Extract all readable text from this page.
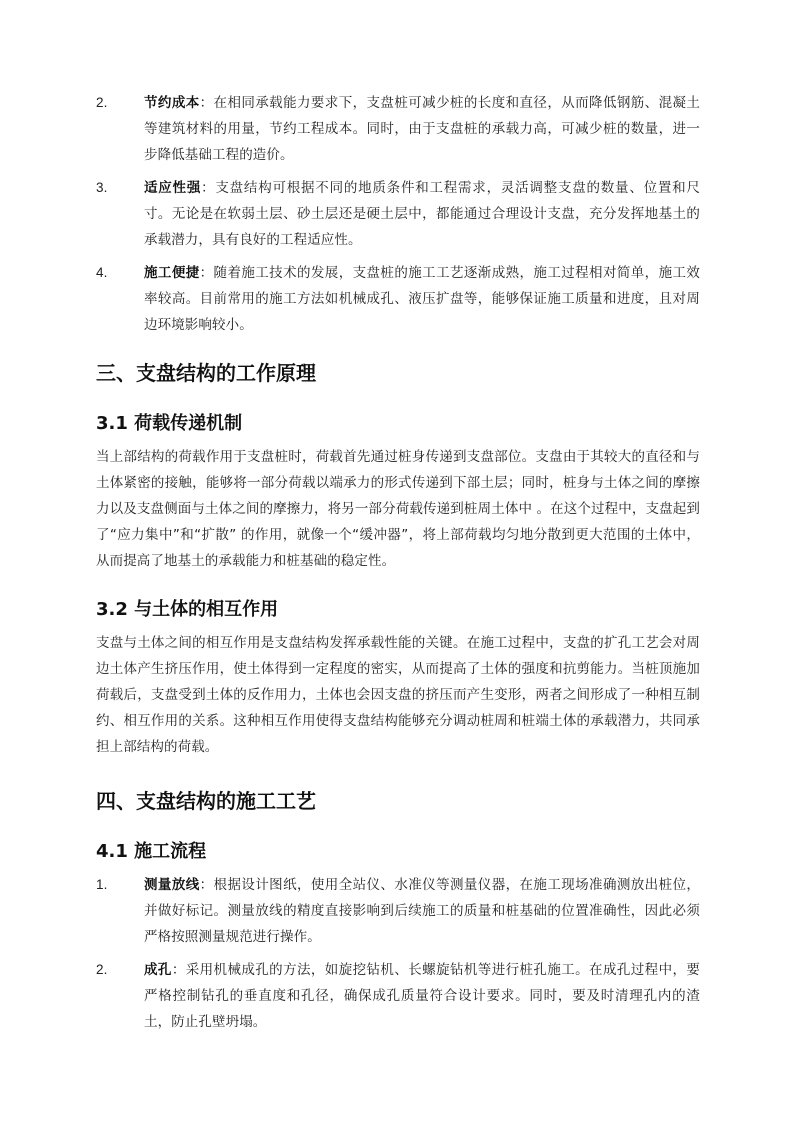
2.	节约成本：在相同承载能力要求下，支盘桩可减少桩的长度和直径，从而降低钢筋、混凝土等建筑材料的用量，节约工程成本。同时，由于支盘桩的承载力高，可减少桩的数量，进一步降低基础工程的造价。
3.	适应性强：支盘结构可根据不同的地质条件和工程需求，灵活调整支盘的数量、位置和尺寸。无论是在软弱土层、砂土层还是硬土层中，都能通过合理设计支盘，充分发挥地基土的承载潜力，具有良好的工程适应性。
4.	施工便捷：随着施工技术的发展，支盘桩的施工工艺逐渐成熟，施工过程相对简单，施工效率较高。目前常用的施工方法如机械成孔、液压扩盘等，能够保证施工质量和进度，且对周边环境影响较小。
三、支盘结构的工作原理
3.1 荷载传递机制

当上部结构的荷载作用于支盘桩时，荷载首先通过桩身传递到支盘部位。支盘由于其较大的直径和与土体紧密的接触，能够将一部分荷载以端承力的形式传递到下部土层；同时，桩身与土体之间的摩擦力以及支盘侧面与土体之间的摩擦力，将另一部分荷载传递到桩周土体中 。在这个过程中，支盘起到了“应力集中”和“扩散” 的作用，就像一个“缓冲器”，将上部荷载均匀地分散到更大范围的土体中，从而提高了地基土的承载能力和桩基础的稳定性。

3.2 与土体的相互作用

支盘与土体之间的相互作用是支盘结构发挥承载性能的关键。在施工过程中，支盘的扩孔工艺会对周边土体产生挤压作用，使土体得到一定程度的密实，从而提高了土体的强度和抗剪能力。当桩顶施加荷载后，支盘受到土体的反作用力，土体也会因支盘的挤压而产生变形，两者之间形成了一种相互制约、相互作用的关系。这种相互作用使得支盘结构能够充分调动桩周和桩端土体的承载潜力，共同承担上部结构的荷载。

四、支盘结构的施工工艺
4.1 施工流程
1.	测量放线：根据设计图纸，使用全站仪、水准仪等测量仪器，在施工现场准确测放出桩位，并做好标记。测量放线的精度直接影响到后续施工的质量和桩基础的位置准确性，因此必须严格按照测量规范进行操作。
2.	成孔：采用机械成孔的方法，如旋挖钻机、长螺旋钻机等进行桩孔施工。在成孔过程中，要严格控制钻孔的垂直度和孔径，确保成孔质量符合设计要求。同时，要及时清理孔内的渣土，防止孔壁坍塌。
